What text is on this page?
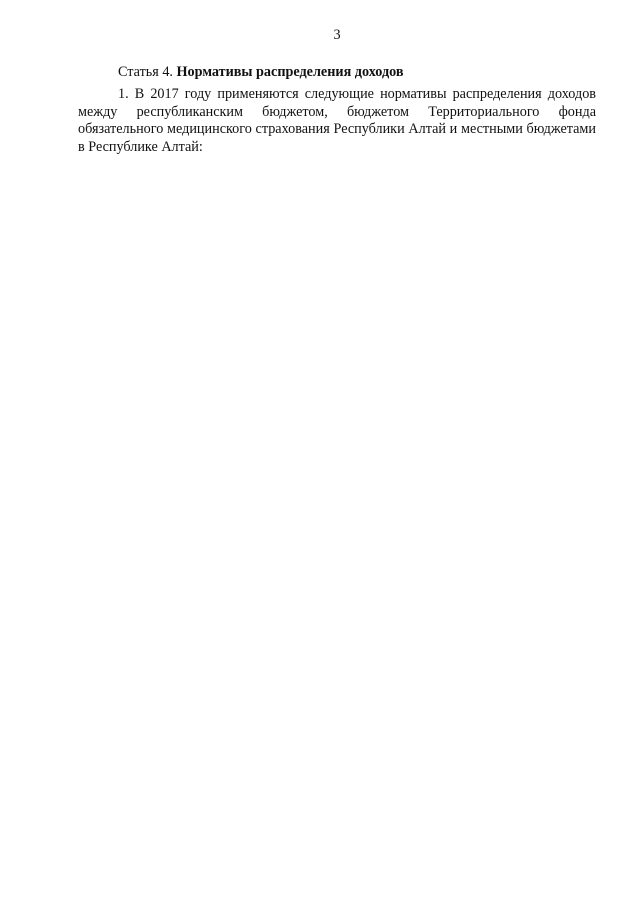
3
Статья 4. Нормативы распределения доходов
1. В 2017 году применяются следующие нормативы распределения доходов между республиканским бюджетом, бюджетом Территориального фонда обязательного медицинского страхования Республики Алтай и местными бюджетами в Республике Алтай:
